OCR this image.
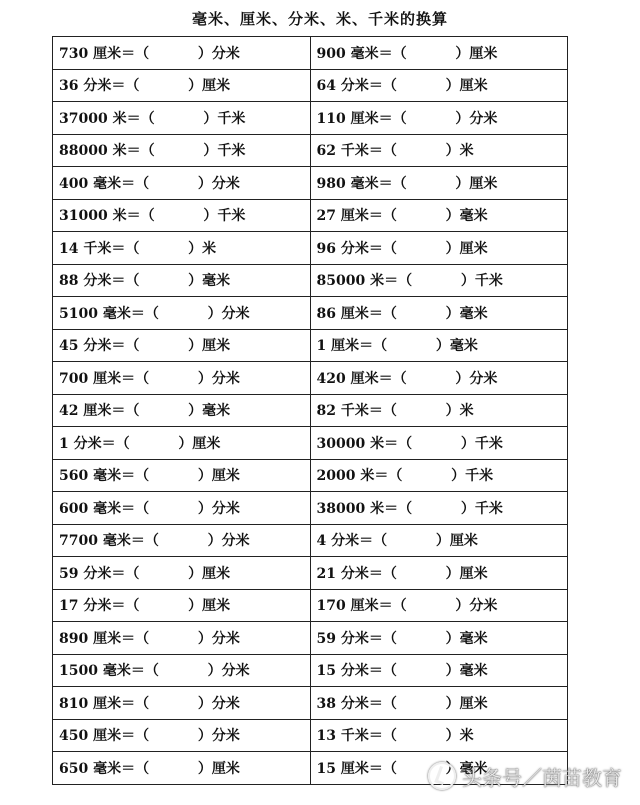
毫米、厘米、分米、米、千米的换算
730 厘米＝（          ）分米	900 毫米＝（          ）厘米
36 分米＝（          ）厘米	64 分米＝（          ）厘米
37000 米＝（          ）千米	110 厘米＝（          ）分米
88000 米＝（          ）千米	62 千米＝（          ）米
400 毫米＝（          ）分米	980 毫米＝（          ）厘米
31000 米＝（          ）千米	27 厘米＝（          ）毫米
14 千米＝（          ）米	96 分米＝（          ）厘米
88 分米＝（          ）毫米	85000 米＝（          ）千米
5100 毫米＝（          ）分米	86 厘米＝（          ）毫米
45 分米＝（          ）厘米	1 厘米＝（          ）毫米
700 厘米＝（          ）分米	420 厘米＝（          ）分米
42 厘米＝（          ）毫米	82 千米＝（          ）米
1 分米＝（          ）厘米	30000 米＝（          ）千米
560 毫米＝（          ）厘米	2000 米＝（          ）千米
600 毫米＝（          ）分米	38000 米＝（          ）千米
7700 毫米＝（          ）分米	4 分米＝（          ）厘米
59 分米＝（          ）厘米	21 分米＝（          ）厘米
17 分米＝（          ）厘米	170 厘米＝（          ）分米
890 厘米＝（          ）分米	59 分米＝（          ）毫米
1500 毫米＝（          ）分米	15 分米＝（          ）毫米
810 厘米＝（          ）分米	38 分米＝（          ）厘米
450 厘米＝（          ）分米	13 千米＝（          ）米
650 毫米＝（          ）厘米	15 厘米＝（          ）毫米
头条号／茵苗教育
